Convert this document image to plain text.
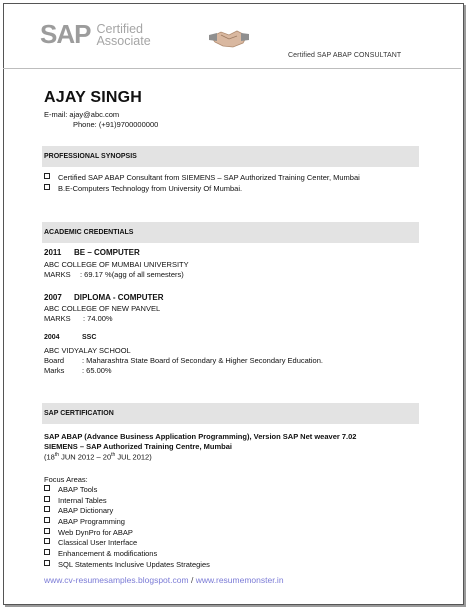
SAP Certified
Associate
Certified SAP ABAP CONSULTANT
AJAY SINGH
E-mail: ajay@abc.com
Phone: (+91)9700000000
PROFESSIONAL SYNOPSIS
Certified SAP ABAP Consultant from SIEMENS – SAP Authorized Training Center, Mumbai
B.E-Computers Technology from University Of Mumbai.
ACADEMIC CREDENTIALS
2011 BE – COMPUTER
ABC COLLEGE OF MUMBAI UNIVERSITY
MARKS : 69.17 %(agg of all semesters)
2007 DIPLOMA - COMPUTER
ABC COLLEGE OF NEW PANVEL
MARKS : 74.00%
2004	SSC
ABC VIDYALAY SCHOOL
Board : Maharashtra State Board of Secondary & Higher Secondary Education.
Marks : 65.00%
SAP CERTIFICATION
SAP ABAP (Advance Business Application Programming), Version SAP Net weaver 7.02
SIEMENS – SAP Authorized Training Centre, Mumbai
(18th JUN 2012 – 20th JUL 2012)
Focus Areas:
ABAP Tools
Internal Tables
ABAP Dictionary
ABAP Programming
Web DynPro for ABAP
Classical User Interface
Enhancement & modifications
SQL Statements Inclusive Updates Strategies
www.cv-resumesamples.blogspot.com / www.resumemonster.in
